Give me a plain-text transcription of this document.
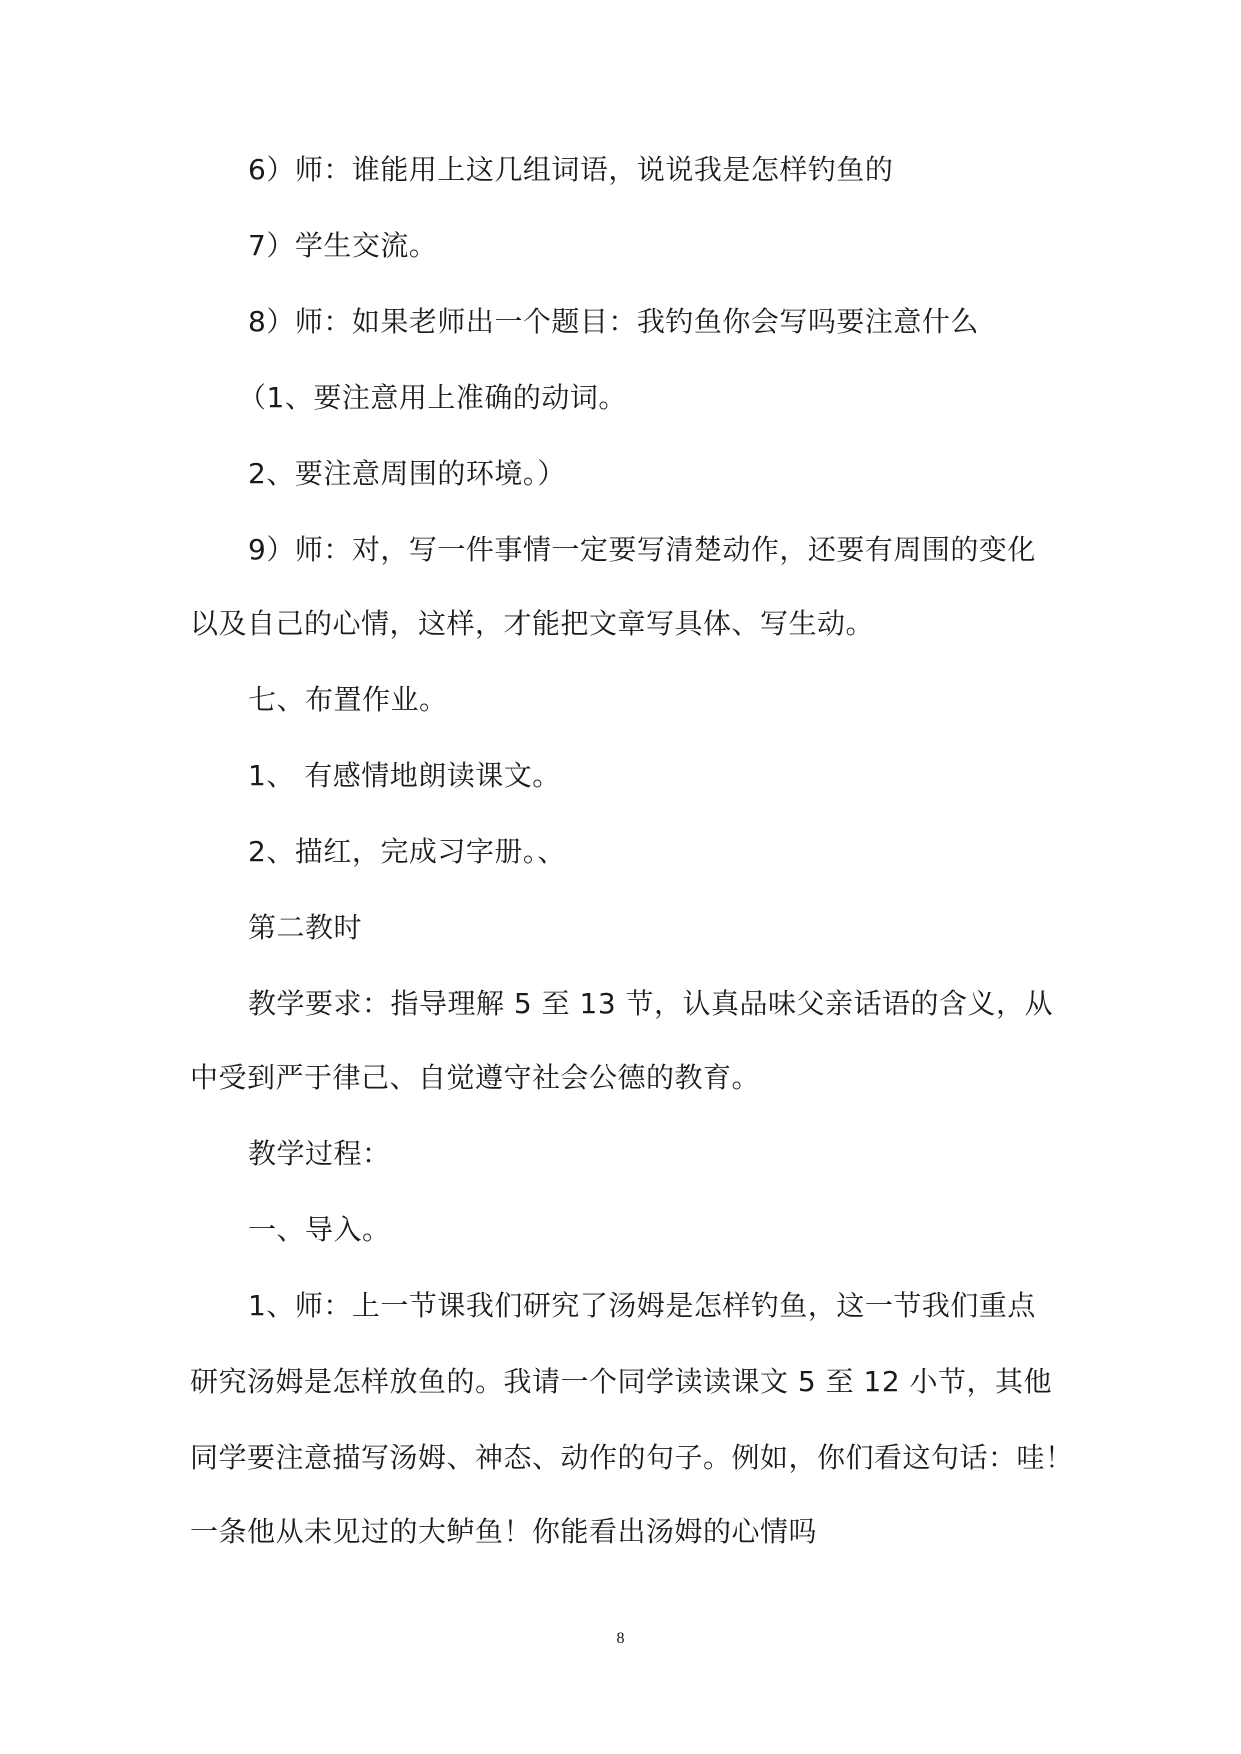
6）师：谁能用上这几组词语，说说我是怎样钓鱼的
7）学生交流。
8）师：如果老师出一个题目：我钓鱼你会写吗要注意什么
（1、要注意用上准确的动词。
2、要注意周围的环境。）
9）师：对，写一件事情一定要写清楚动作，还要有周围的变化
以及自己的心情，这样，才能把文章写具体、写生动。
七、布置作业。
1、 有感情地朗读课文。
2、描红，完成习字册。、
第二教时
教学要求：指导理解 5 至 13 节，认真品味父亲话语的含义，从
中受到严于律己、自觉遵守社会公德的教育。
教学过程：
一、导入。
1、师：上一节课我们研究了汤姆是怎样钓鱼，这一节我们重点
研究汤姆是怎样放鱼的。我请一个同学读读课文 5 至 12 小节，其他
同学要注意描写汤姆、神态、动作的句子。例如，你们看这句话：哇！
一条他从未见过的大鲈鱼！你能看出汤姆的心情吗
8
